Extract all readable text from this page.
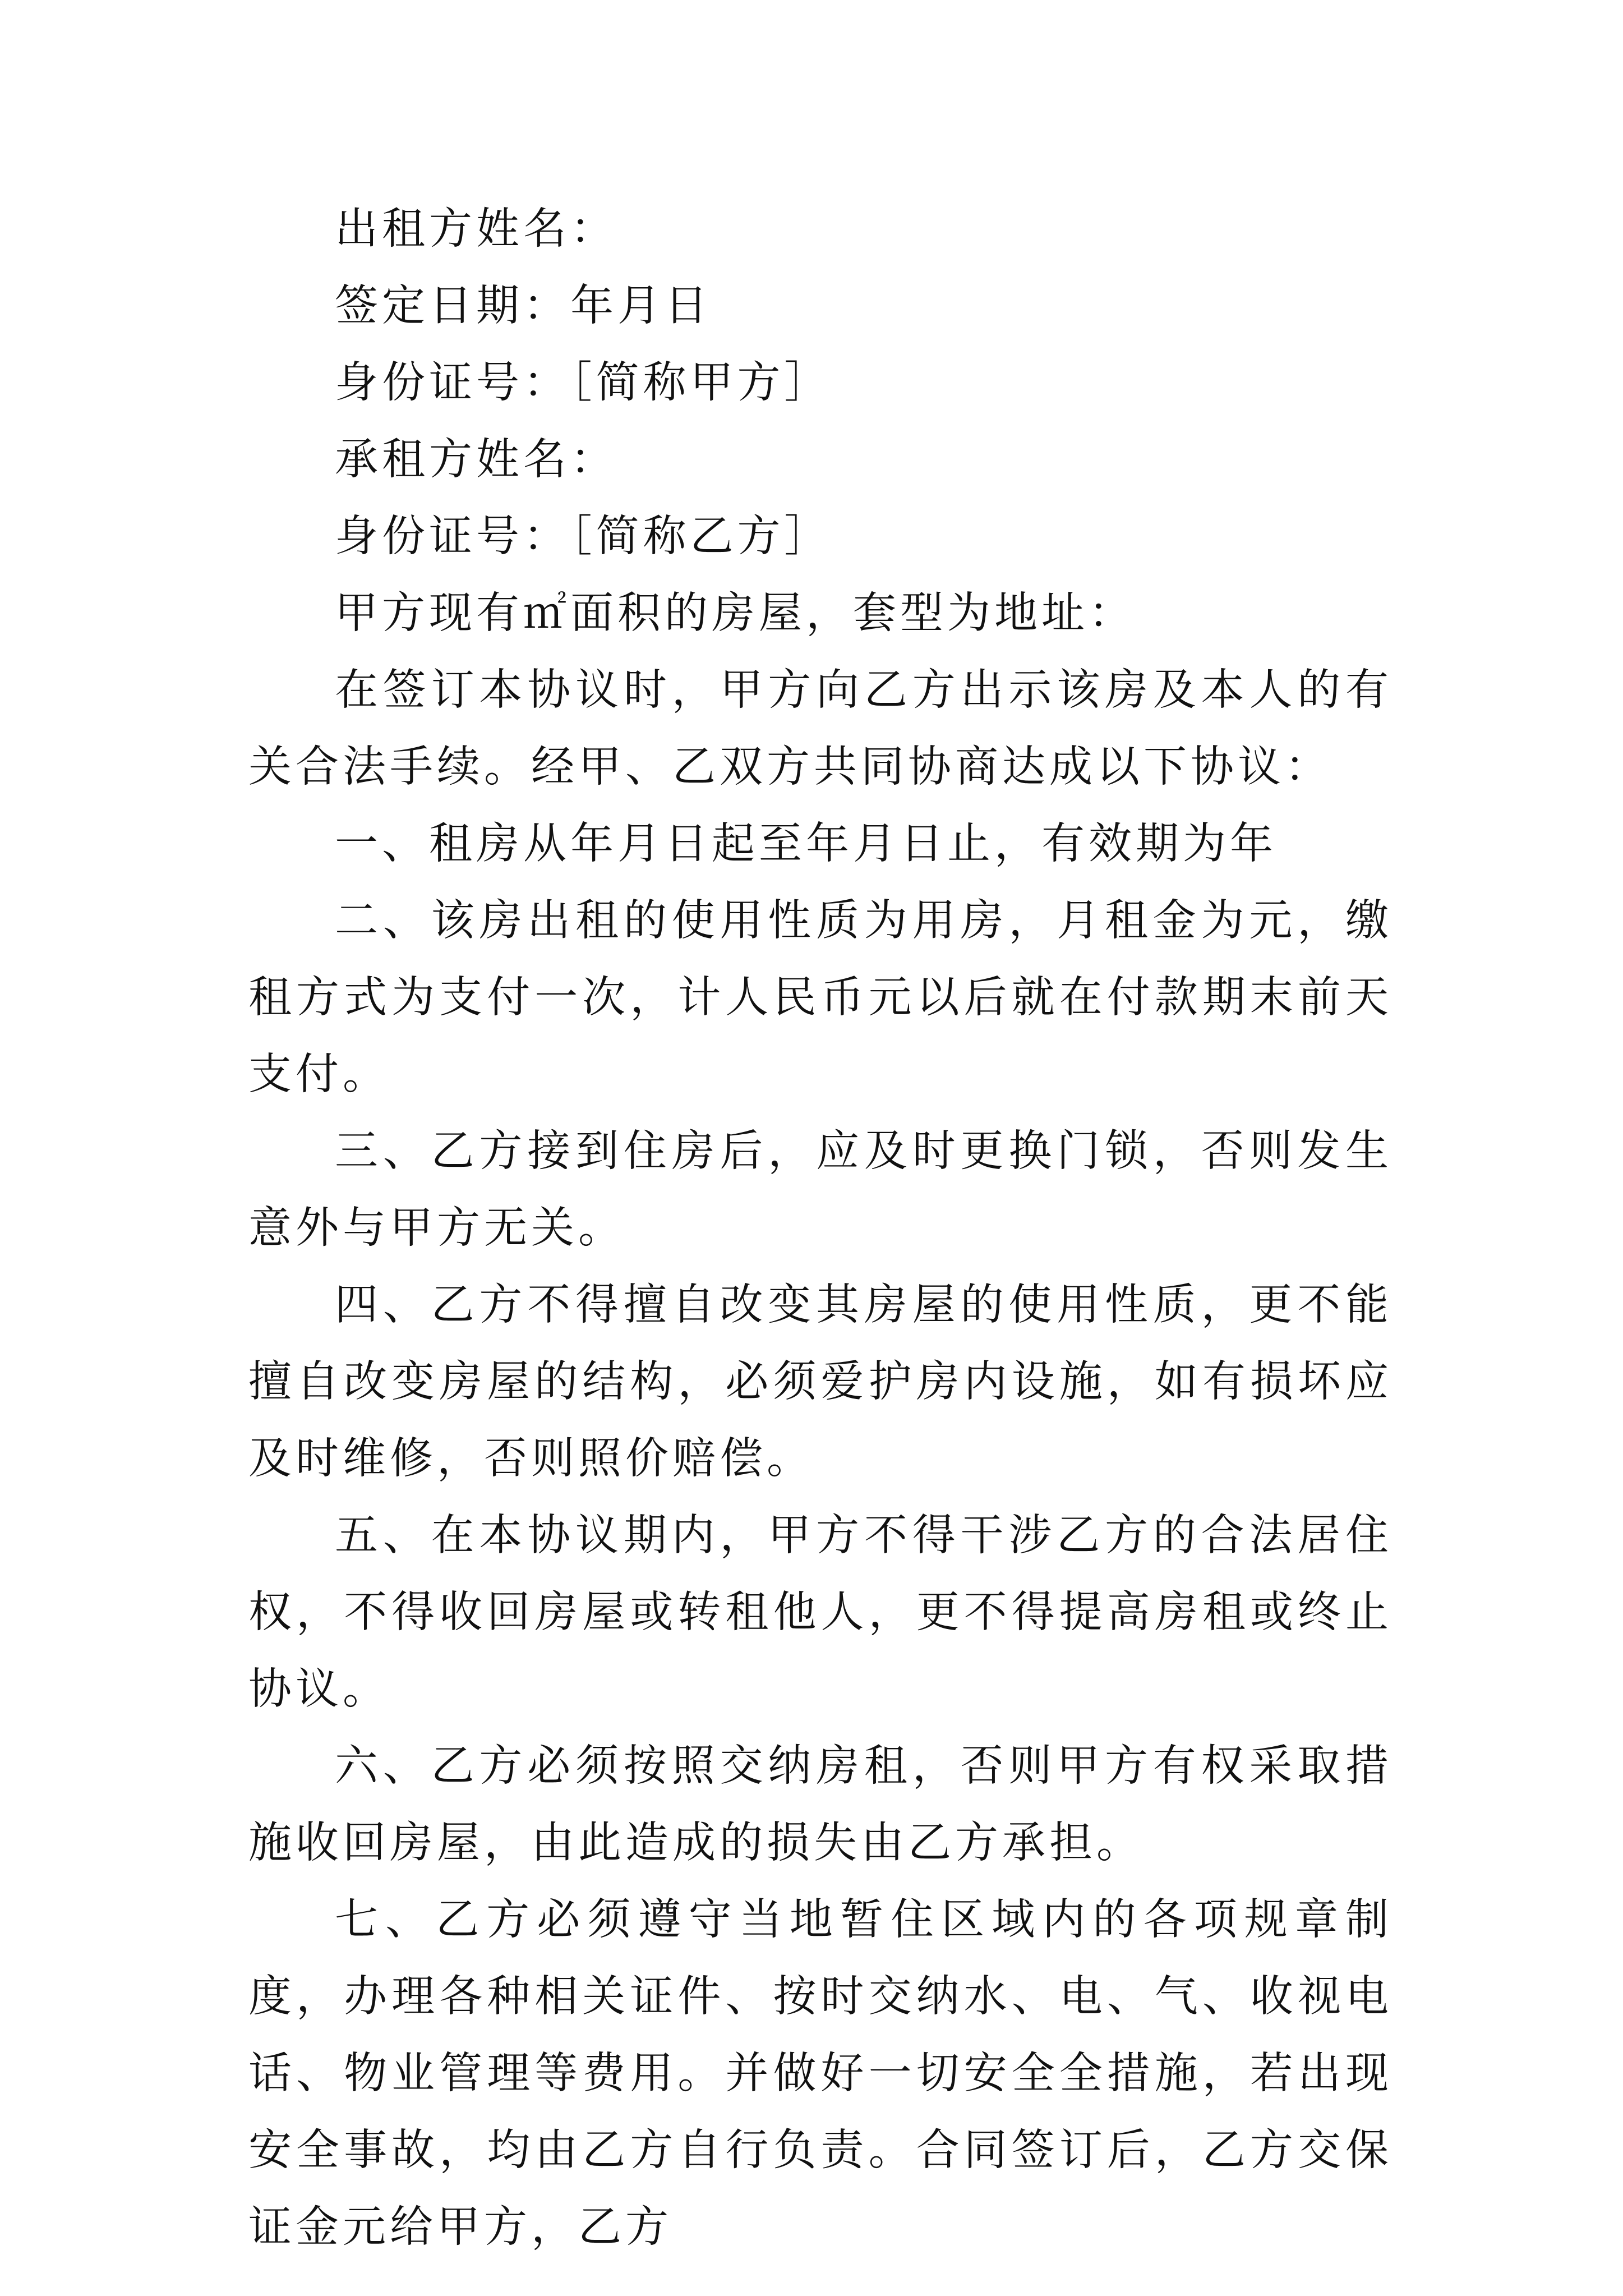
出租方姓名：

签定日期：年月日

身份证号：［简称甲方］

承租方姓名：

身份证号：［简称乙方］

甲方现有㎡面积的房屋，套型为地址：

在签订本协议时，甲方向乙方出示该房及本人的有关合法手续。经甲、乙双方共同协商达成以下协议：

一、租房从年月日起至年月日止，有效期为年

二、该房出租的使用性质为用房，月租金为元，缴租方式为支付一次，计人民币元以后就在付款期末前天支付。

三、乙方接到住房后，应及时更换门锁，否则发生意外与甲方无关。

四、乙方不得擅自改变其房屋的使用性质，更不能擅自改变房屋的结构，必须爱护房内设施，如有损坏应及时维修，否则照价赔偿。

五、在本协议期内，甲方不得干涉乙方的合法居住权，不得收回房屋或转租他人，更不得提高房租或终止协议。

六、乙方必须按照交纳房租，否则甲方有权采取措施收回房屋，由此造成的损失由乙方承担。

七、乙方必须遵守当地暂住区域内的各项规章制度，办理各种相关证件、按时交纳水、电、气、收视电话、物业管理等费用。并做好一切安全全措施，若出现安全事故，均由乙方自行负责。合同签订后，乙方交保证金元给甲方，乙方
